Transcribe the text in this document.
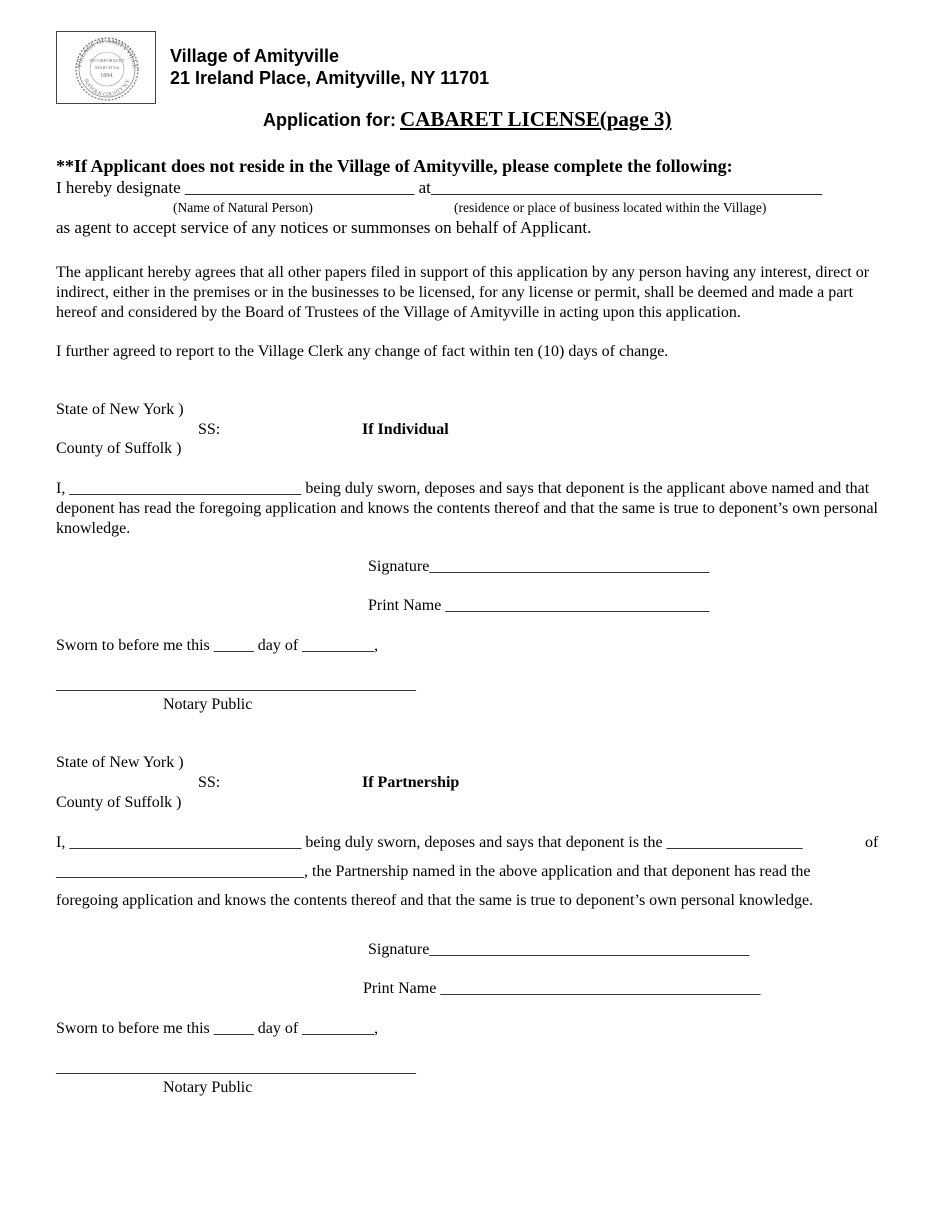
VILLAGE OF AMITYVILLE
SUFFOLK COUNTY N.Y.
INCORPORATED
MARCH 5th
1894.
Village of Amityville
21 Ireland Place, Amityville, NY 11701
Application for: CABARET LICENSE(page 3)
**If Applicant does not reside in the Village of Amityville, please complete the following:
I hereby designate ___________________________ at______________________________________________
(Name of Natural Person)	(residence or place of business located within the Village)
as agent to accept service of any notices or summonses on behalf of Applicant.
The applicant hereby agrees that all other papers filed in support of this application by any person having any interest, direct or indirect, either in the premises or in the businesses to be licensed, for any license or permit, shall be deemed and made a part hereof and considered by the Board of Trustees of the Village of Amityville in acting upon this application.
I further agreed to report to the Village Clerk any change of fact within ten (10) days of change.
State of New York )
SS:	If Individual
County of Suffolk )
I, _____________________________ being duly sworn, deposes and says that deponent is the applicant above named and that deponent has read the foregoing application and knows the contents thereof and that the same is true to deponent’s own personal knowledge.
Signature___________________________________
Print Name _________________________________
Sworn to before me this _____ day of _________,
_____________________________________________
Notary Public
State of New York )
SS:	If Partnership
County of Suffolk )
I, _____________________________ being duly sworn, deposes and says that deponent is the _________________	of
_______________________________, the Partnership named in the above application and that deponent has read the
foregoing application and knows the contents thereof and that the same is true to deponent’s own personal knowledge.
Signature________________________________________
Print Name ________________________________________
Sworn to before me this _____ day of _________,
_____________________________________________
Notary Public
